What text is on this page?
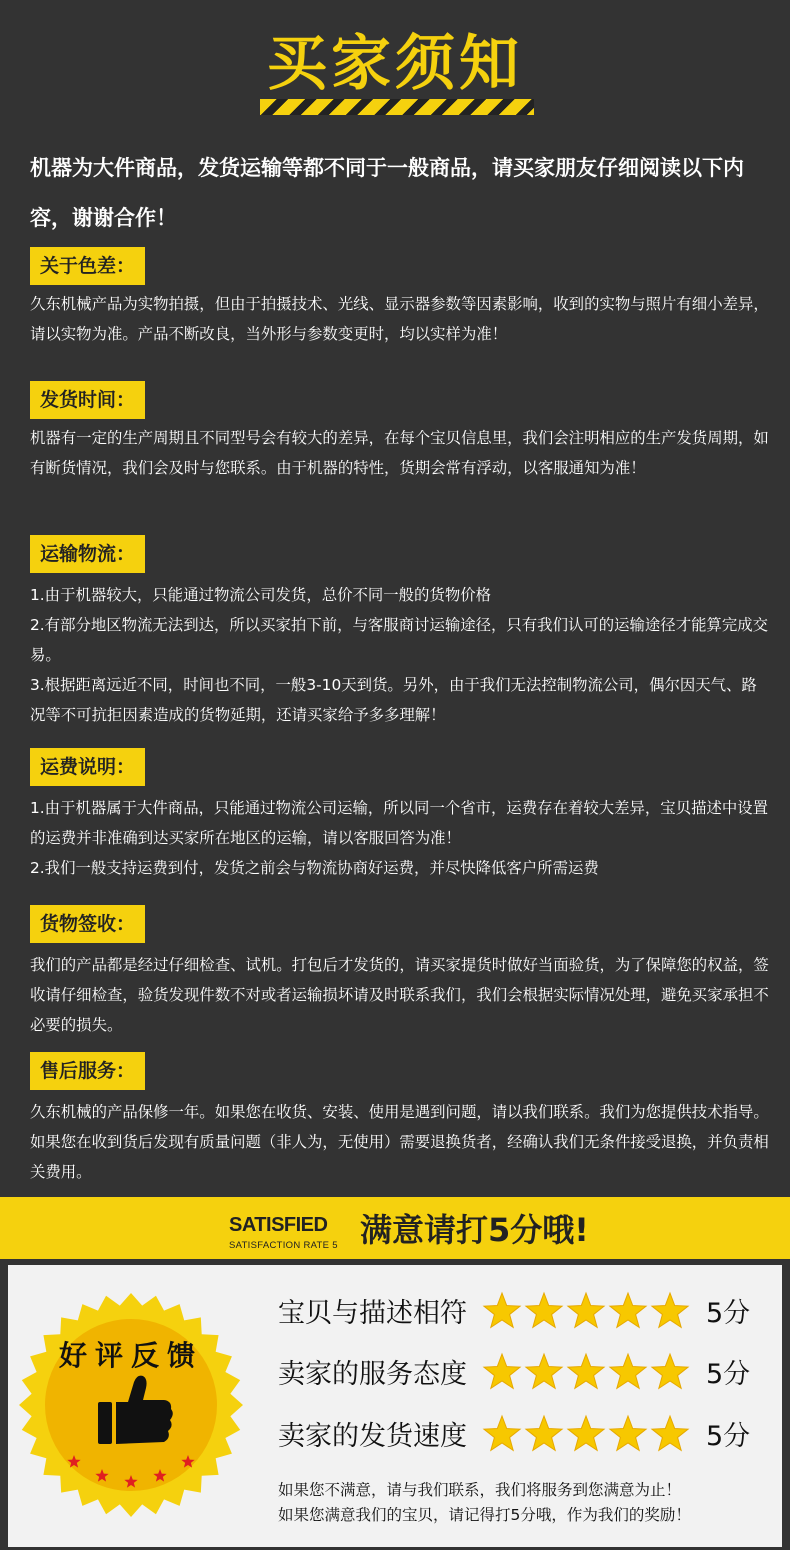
买家须知
机器为大件商品，发货运输等都不同于一般商品，请买家朋友仔细阅读以下内容，谢谢合作！
关于色差：

久东机械产品为实物拍摄，但由于拍摄技术、光线、显示器参数等因素影响，收到的实物与照片有细小差异，请以实物为准。产品不断改良，当外形与参数变更时，均以实样为准！

发货时间：

机器有一定的生产周期且不同型号会有较大的差异，在每个宝贝信息里，我们会注明相应的生产发货周期，如有断货情况，我们会及时与您联系。由于机器的特性，货期会常有浮动，以客服通知为准！

运输物流：

1.由于机器较大，只能通过物流公司发货，总价不同一般的货物价格

2.有部分地区物流无法到达，所以买家拍下前，与客服商讨运输途径，只有我们认可的运输途径才能算完成交易。

3.根据距离远近不同，时间也不同，一般3-10天到货。另外，由于我们无法控制物流公司，偶尔因天气、路况等不可抗拒因素造成的货物延期，还请买家给予多多理解！

运费说明：

1.由于机器属于大件商品，只能通过物流公司运输，所以同一个省市，运费存在着较大差异，宝贝描述中设置的运费并非准确到达买家所在地区的运输，请以客服回答为准！

2.我们一般支持运费到付，发货之前会与物流协商好运费，并尽快降低客户所需运费

货物签收：

我们的产品都是经过仔细检查、试机。打包后才发货的，请买家提货时做好当面验货，为了保障您的权益，签收请仔细检查，验货发现件数不对或者运输损坏请及时联系我们，我们会根据实际情况处理，避免买家承担不必要的损失。

售后服务：

久东机械的产品保修一年。如果您在收货、安装、使用是遇到问题，请以我们联系。我们为您提供技术指导。如果您在收到货后发现有质量问题（非人为，无使用）需要退换货者，经确认我们无条件接受退换，并负责相关费用。

SATISFIED
SATISFACTION RATE 5 满意请打5分哦!
好评反馈
宝贝与描述相符	5分
卖家的服务态度	5分
卖家的发货速度	5分

如果您不满意，请与我们联系，我们将服务到您满意为止！

如果您满意我们的宝贝，请记得打5分哦，作为我们的奖励！
